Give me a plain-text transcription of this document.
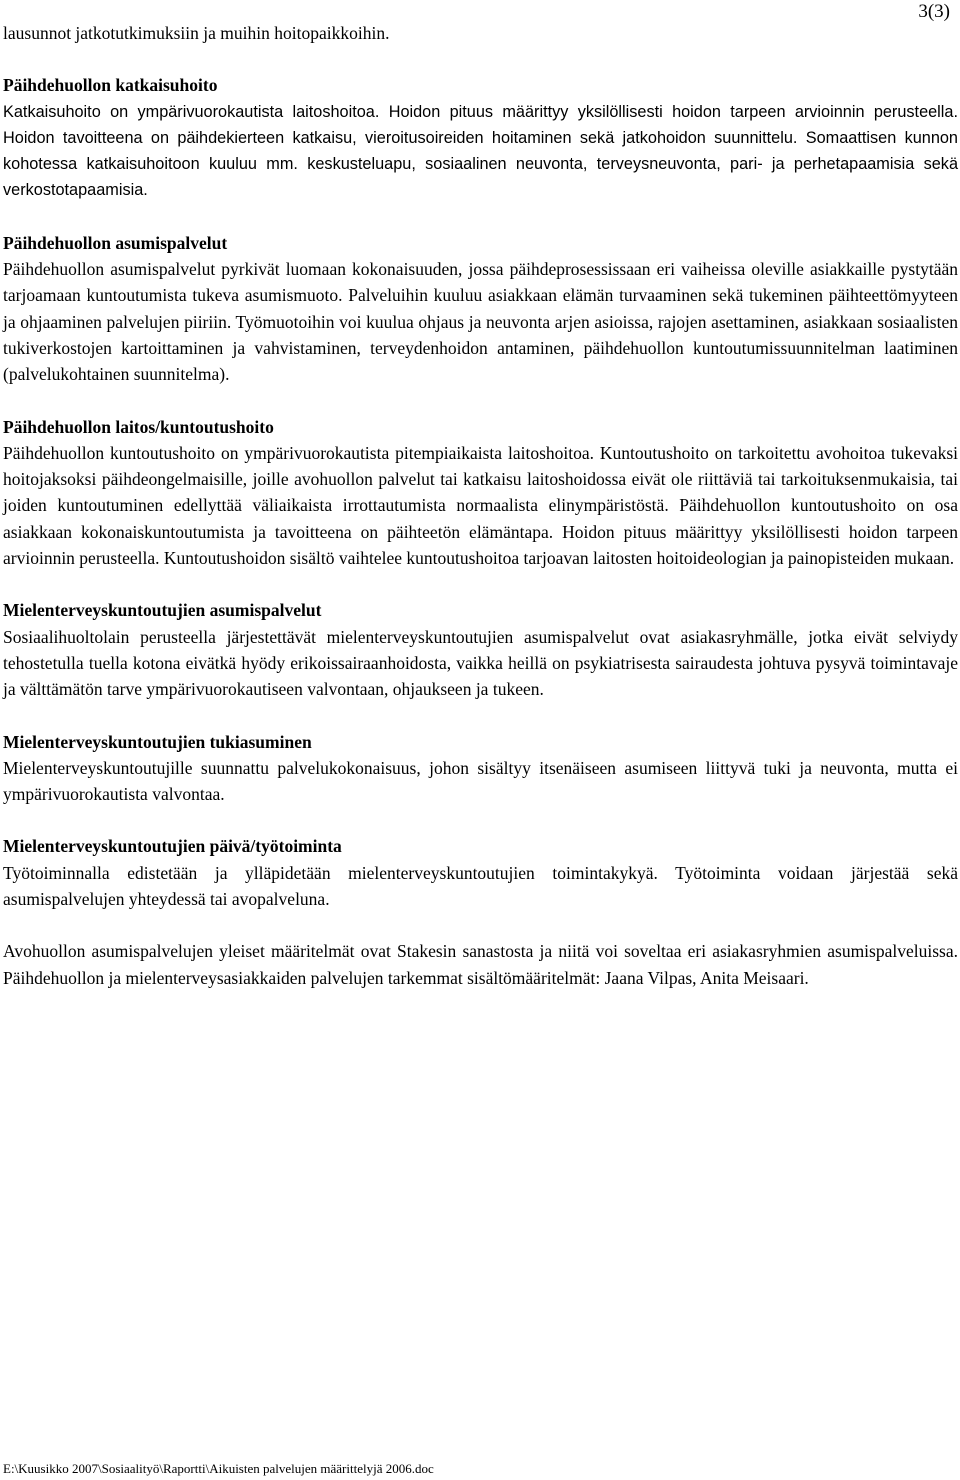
3(3)

lausunnot jatkotutkimuksiin ja muihin hoitopaikkoihin.

Päihdehuollon katkaisuhoito

Katkaisuhoito on ympärivuorokautista laitoshoitoa. Hoidon pituus määrittyy yksilöllisesti hoidon tarpeen arvioinnin perusteella. Hoidon tavoitteena on päihdekierteen katkaisu, vieroitusoireiden hoitaminen sekä jatkohoidon suunnittelu. Somaattisen kunnon kohotessa katkaisuhoitoon kuuluu mm. keskusteluapu, sosiaalinen neuvonta, terveysneuvonta, pari- ja perhetapaamisia sekä verkostotapaamisia.

Päihdehuollon asumispalvelut

Päihdehuollon asumispalvelut pyrkivät luomaan kokonaisuuden, jossa päihdeprosessissaan eri vaiheissa oleville asiakkaille pystytään tarjoamaan kuntoutumista tukeva asumismuoto. Palveluihin kuuluu asiakkaan elämän turvaaminen sekä tukeminen päihteettömyyteen ja ohjaaminen palvelujen piiriin. Työmuotoihin voi kuulua ohjaus ja neuvonta arjen asioissa, rajojen asettaminen, asiakkaan sosiaalisten tukiverkostojen kartoittaminen ja vahvistaminen, terveydenhoidon antaminen, päihdehuollon kuntoutumissuunnitelman laatiminen (palvelukohtainen suunnitelma).

Päihdehuollon laitos/kuntoutushoito

Päihdehuollon kuntoutushoito on ympärivuorokautista pitempiaikaista laitoshoitoa. Kuntoutushoito on tarkoitettu avohoitoa tukevaksi hoitojaksoksi päihdeongelmaisille, joille avohuollon palvelut tai katkaisu laitoshoidossa eivät ole riittäviä tai tarkoituksenmukaisia, tai joiden kuntoutuminen edellyttää väliaikaista irrottautumista normaalista elinympäristöstä. Päihdehuollon kuntoutushoito on osa asiakkaan kokonaiskuntoutumista ja tavoitteena on päihteetön elämäntapa. Hoidon pituus määrittyy yksilöllisesti hoidon tarpeen arvioinnin perusteella. Kuntoutushoidon sisältö vaihtelee kuntoutushoitoa tarjoavan laitosten hoitoideologian ja painopisteiden mukaan.

Mielenterveyskuntoutujien asumispalvelut

Sosiaalihuoltolain perusteella järjestettävät mielenterveyskuntoutujien asumispalvelut ovat asiakasryhmälle, jotka eivät selviydy tehostetulla tuella kotona eivätkä hyödy erikoissairaanhoidosta, vaikka heillä on psykiatrisesta sairaudesta johtuva pysyvä toimintavaje ja välttämätön tarve ympärivuorokautiseen valvontaan, ohjaukseen ja tukeen.

Mielenterveyskuntoutujien tukiasuminen

Mielenterveyskuntoutujille suunnattu palvelukokonaisuus, johon sisältyy itsenäiseen asumiseen liittyvä tuki ja neuvonta, mutta ei ympärivuorokautista valvontaa.

Mielenterveyskuntoutujien päivä/työtoiminta

Työtoiminnalla edistetään ja ylläpidetään mielenterveyskuntoutujien toimintakykyä. Työtoiminta voidaan järjestää sekä asumispalvelujen yhteydessä tai avopalveluna.

Avohuollon asumispalvelujen yleiset määritelmät ovat Stakesin sanastosta ja niitä voi soveltaa eri asiakasryhmien asumispalveluissa. Päihdehuollon ja mielenterveysasiakkaiden palvelujen tarkemmat sisältömääritelmät: Jaana Vilpas, Anita Meisaari.

E:\Kuusikko 2007\Sosiaalityö\Raportti\Aikuisten palvelujen määrittelyjä 2006.doc
